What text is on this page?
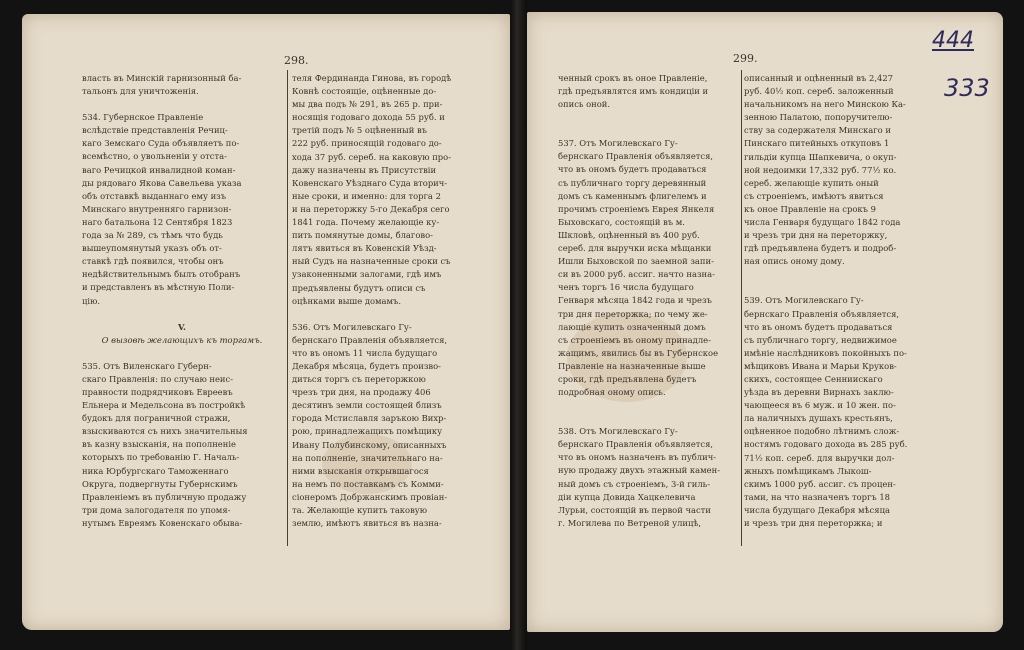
298.	299.

власть въ Минскій гарнизонный ба-

тальонъ для уничтоженія.

534. Губернское Правленіе

вслѣдствіе представленія Речиц-

каго Земскаго Суда объявляетъ по-

всемѣстно, о увольненіи у отста-

ваго Речицкой инвалидной коман-

ды рядоваго Якова Савельева указа

объ отставкѣ выданнаго ему изъ

Минскаго внутренняго гарнизон-

наго батальона 12 Сентября 1823

года за № 289, съ тѣмъ что будь

вышеупомянутый указъ объ от-

ставкѣ гдѣ появился, чтобы онъ

недѣйствительнымъ былъ отобранъ

и представленъ въ мѣстную Поли-

цію.

V.

О вызовѣ желающихъ къ торгамъ.

535. Отъ Виленскаго Губерн-

скаго Правленія: по случаю неис-

правности подрядчиковъ Евреевъ

Ельнера и Медельсона въ постройкѣ

будокъ для пограничной стражи,

взыскиваются съ нихъ значительныя

въ казну взысканія, на пополненіе

которыхъ по требованію Г. Началь-

ника Юрбургскаго Таможеннаго

Округа, подвергнуты Губернскимъ

Правленіемъ въ публичную продажу

три дома залогодателя по упомя-

нутымъ Евреямъ Ковенскаго обыва-

теля Фердинанда Гинова, въ городѣ

Ковнѣ состоящіе, оцѣненные до-

мы два подъ № 291, въ 265 р. при-

носящія годоваго дохода 55 руб. и

третій подъ № 5 оцѣненный въ

222 руб. приносящій годоваго до-

хода 37 руб. сереб. на каковую про-

дажу назначены въ Присутствіи

Ковенскаго Уѣзднаго Суда вторич-

ные сроки, и именно: для торга 2

и на переторжку 5-го Декабря сего

1841 года. Почему желающіе ку-

пить помянутые домы, благово-

лятъ явиться въ Ковенскій Уѣзд-

ный Судъ на назначенные сроки съ

узаконенными залогами, гдѣ имъ

предъявлены будутъ описи съ

оцѣнками выше домамъ.

536. Отъ Могилевскаго Гу-

бернскаго Правленія объявляется,

что въ ономъ 11 числа будущаго

Декабря мѣсяца, будетъ произво-

диться торгъ съ переторжкою

чрезъ три дня, на продажу 406

десятинъ земли состоящей близъ

города Мстиславля заръкою Вихр-

рою, принадлежащихъ помѣщику

Ивану Полубинскому, описанныхъ

на пополненіе, значительнаго на-

ними взысканія открывшагося

на немъ по поставкамъ съ Комми-

сіонеромъ Добржанскимъ провіан-

та. Желающіе купить таковую

землю, имѣютъ явиться въ назна-

ченный срокъ въ оное Правленіе,

гдѣ предъявлятся имъ кондиціи и

опись оной.

537. Отъ Могилевскаго Гу-

бернскаго Правленія объявляется,

что въ ономъ будетъ продаваться

съ публичнаго торгу деревянный

домъ съ каменнымъ флигелемъ и

прочимъ строеніемъ Еврея Янкеля

Быховскаго, состоящій въ м.

Шкловѣ, оцѣненный въ 400 руб.

сереб. для выручки иска мѣщанки

Ишли Быховской по заемной запи-

си въ 2000 руб. ассиг. начто назна-

ченъ торгъ 16 числа будущаго

Генваря мѣсяца 1842 года и чрезъ

три дня переторжка; по чему же-

лающіе купить означенный домъ

съ строеніемъ въ оному принадле-

жащимъ, явились бы въ Губернское

Правленіе на назначенные выше

сроки, гдѣ предъявлена будетъ

подробная оному опись.

538. Отъ Могилевскаго Гу-

бернскаго Правленія объявляется,

что въ ономъ назначенъ въ публич-

ную продажу двухъ этажный камен-

ный домъ съ строеніемъ, 3-й гиль-

діи купца Довида Хацкелевича

Лурьи, состоящій въ первой части

г. Могилева по Ветреной улицѣ,

описанный и оцѣненный въ 2,427

руб. 40½ коп. сереб. заложенный

начальникомъ на него Минскою Ка-

зенною Палатою, попоручителю-

ству за содержателя Минскаго и

Пинскаго питейныхъ откуповъ 1

гильдіи купца Шапкевича, о окуп-

ной недоимки 17,332 руб. 77½ ко.

сереб. желающіе купить оный

съ строеніемъ, имѣютъ явиться

къ оное Правленіе на срокъ 9

числа Генваря будущаго 1842 года

и чрезъ три дня на переторжку,

гдѣ предъявлена будетъ и подроб-

ная опись оному дому.

539. Отъ Могилевскаго Гу-

бернскаго Правленія объявляется,

что въ ономъ будетъ продаваться

съ публичнаго торгу, недвижимое

имѣніе наслѣдниковъ покойныхъ по-

мѣщиковъ Ивана и Марьи Круков-

скихъ, состоящее Сенниискаго

уѣзда въ деревни Вирнахъ заклю-

чающееся въ 6 муж. и 10 жен. по-

ла наличныхъ душахъ крестьянъ,

оцѣненное подобно лѣтнимъ слож-

ностямъ годоваго дохода въ 285 руб.

71½ коп. сереб. для выручки дол-

жныхъ помѣщикамъ Лыкош-

скимъ 1000 руб. ассиг. съ процен-

тами, на что назначенъ торгъ 18

числа будущаго Декабря мѣсяца

и чрезъ три дня переторжка; и

444
333
